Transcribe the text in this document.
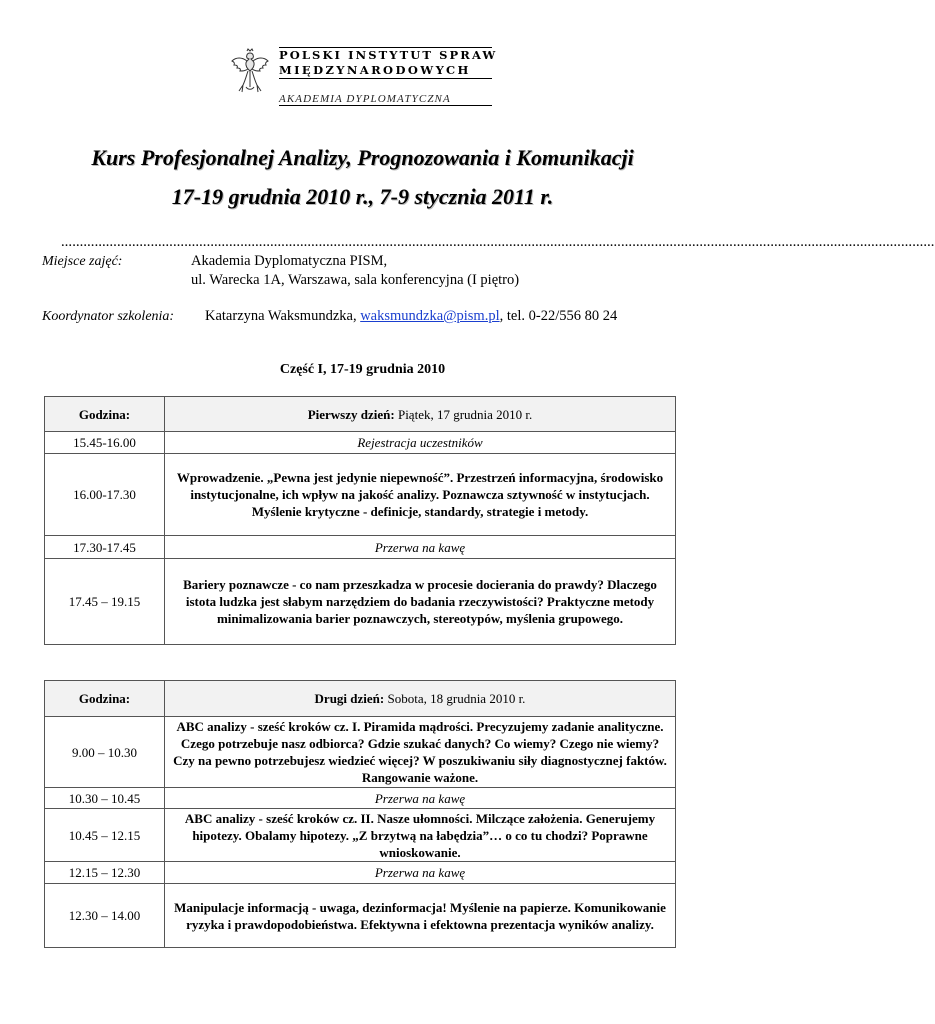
POLSKI INSTYTUT SPRAW
MIĘDZYNARODOWYCH
AKADEMIA DYPLOMATYCZNA
Kurs Profesjonalnej Analizy, Prognozowania i Komunikacji
17-19 grudnia 2010 r., 7-9 stycznia 2011 r.
………………………………………………………………………………………………………………………………………………………………………………………………………………
Miejsce zajęć:	Akademia Dyplomatyczna PISM,
ul. Warecka 1A, Warszawa, sala konferencyjna (I piętro)
Koordynator szkolenia: Katarzyna Waksmundzka, waksmundzka@pism.pl, tel. 0-22/556 80 24
Część I, 17-19 grudnia 2010
Godzina:	Pierwszy dzień: Piątek, 17 grudnia 2010 r.
15.45-16.00	Rejestracja uczestników
16.00-17.30	Wprowadzenie. „Pewna jest jedynie niepewność”. Przestrzeń informacyjna, środowisko instytucjonalne, ich wpływ na jakość analizy. Poznawcza sztywność w instytucjach. Myślenie krytyczne - definicje, standardy, strategie i metody.
17.30-17.45	Przerwa na kawę
17.45 – 19.15	Bariery poznawcze - co nam przeszkadza w procesie docierania do prawdy? Dlaczego istota ludzka jest słabym narzędziem do badania rzeczywistości? Praktyczne metody minimalizowania barier poznawczych, stereotypów, myślenia grupowego.
Godzina:	Drugi dzień: Sobota, 18 grudnia 2010 r.
9.00 – 10.30	ABC analizy - sześć kroków cz. I. Piramida mądrości. Precyzujemy zadanie analityczne. Czego potrzebuje nasz odbiorca? Gdzie szukać danych? Co wiemy? Czego nie wiemy? Czy na pewno potrzebujesz wiedzieć więcej? W poszukiwaniu siły diagnostycznej faktów. Rangowanie ważone.
10.30 – 10.45	Przerwa na kawę
10.45 – 12.15	ABC analizy - sześć kroków cz. II. Nasze ułomności. Milczące założenia. Generujemy hipotezy. Obalamy hipotezy. „Z brzytwą na łabędzia”… o co tu chodzi? Poprawne wnioskowanie.
12.15 – 12.30	Przerwa na kawę
12.30 – 14.00	Manipulacje informacją - uwaga, dezinformacja! Myślenie na papierze. Komunikowanie ryzyka i prawdopodobieństwa. Efektywna i efektowna prezentacja wyników analizy.
